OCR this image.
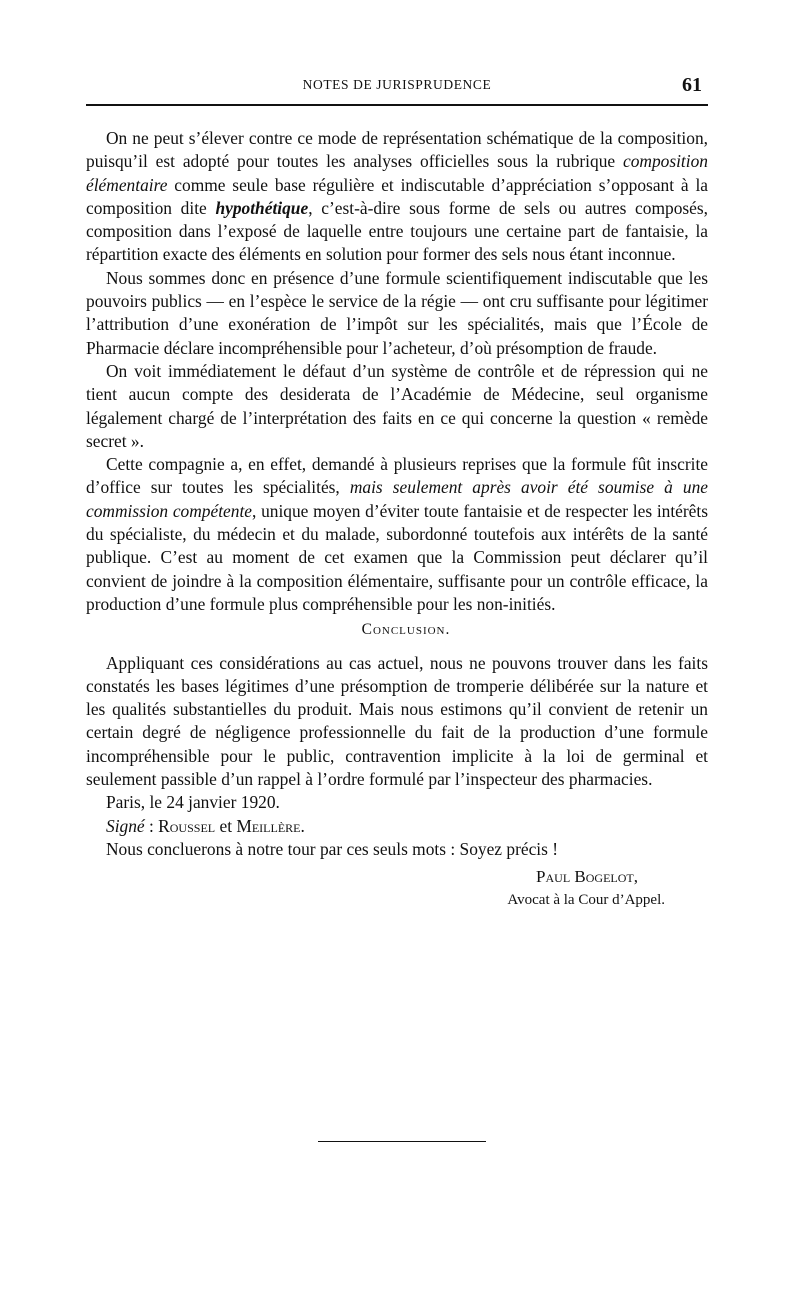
NOTES DE JURISPRUDENCE	61

On ne peut s’élever contre ce mode de représentation schématique de la composition, puisqu’il est adopté pour toutes les analyses officielles sous la rubrique composition élémentaire comme seule base régulière et indiscutable d’appréciation s’opposant à la composition dite hypothétique, c’est-à-dire sous forme de sels ou autres composés, composition dans l’exposé de laquelle entre toujours une certaine part de fantaisie, la répartition exacte des éléments en solution pour former des sels nous étant inconnue.

Nous sommes donc en présence d’une formule scientifiquement indiscutable que les pouvoirs publics — en l’espèce le service de la régie — ont cru suffisante pour légitimer l’attribution d’une exonération de l’impôt sur les spécialités, mais que l’École de Pharmacie déclare incompréhensible pour l’acheteur, d’où présomption de fraude.

On voit immédiatement le défaut d’un système de contrôle et de répression qui ne tient aucun compte des desiderata de l’Académie de Médecine, seul organisme légalement chargé de l’interprétation des faits en ce qui concerne la question « remède secret ».

Cette compagnie a, en effet, demandé à plusieurs reprises que la formule fût inscrite d’office sur toutes les spécialités, mais seulement après avoir été soumise à une commission compétente, unique moyen d’éviter toute fantaisie et de respecter les intérêts du spécialiste, du médecin et du malade, subordonné toutefois aux intérêts de la santé publique. C’est au moment de cet examen que la Commission peut déclarer qu’il convient de joindre à la composition élémentaire, suffisante pour un contrôle efficace, la production d’une formule plus compréhensible pour les non-initiés.

Conclusion.

Appliquant ces considérations au cas actuel, nous ne pouvons trouver dans les faits constatés les bases légitimes d’une présomption de tromperie délibérée sur la nature et les qualités substantielles du produit. Mais nous estimons qu’il convient de retenir un certain degré de négligence professionnelle du fait de la production d’une formule incompréhensible pour le public, contravention implicite à la loi de germinal et seulement passible d’un rappel à l’ordre formulé par l’inspecteur des pharmacies.

Paris, le 24 janvier 1920.

Signé : Roussel et Meillère.

Nous concluerons à notre tour par ces seuls mots : Soyez précis !

Paul Bogelot,
Avocat à la Cour d’Appel.
